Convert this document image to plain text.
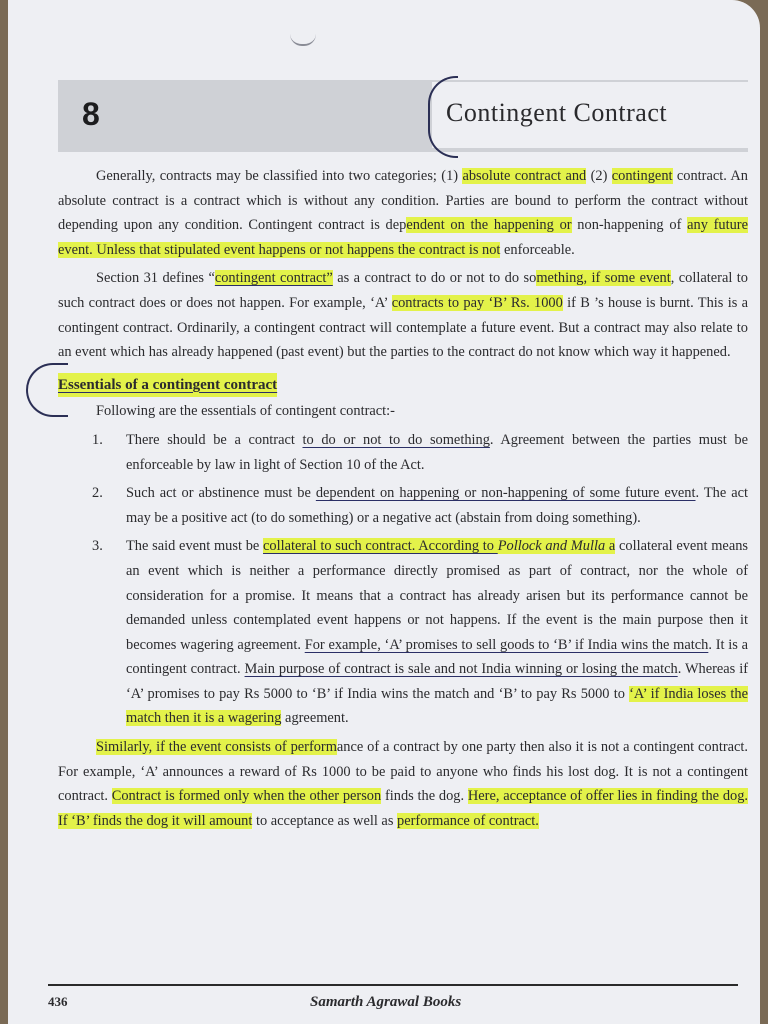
8	Contingent Contract

Generally, contracts may be classified into two categories; (1) absolute contract and (2) contingent contract. An absolute contract is a contract which is without any condition. Parties are bound to perform the contract without depending upon any condition. Contingent contract is dependent on the happening or non-happening of any future event. Unless that stipulated event happens or not happens the contract is not enforceable.

Section 31 defines “contingent contract” as a contract to do or not to do something, if some event, collateral to such contract does or does not happen. For example, ‘A’ contracts to pay ‘B’ Rs. 1000 if B ’s house is burnt. This is a contingent contract. Ordinarily, a contingent contract will contemplate a future event. But a contract may also relate to an event which has already happened (past event) but the parties to the contract do not know which way it happened.

Essentials of a contingent contract

Following are the essentials of contingent contract:-

1. There should be a contract to do or not to do something. Agreement between the parties must be enforceable by law in light of Section 10 of the Act.
2. Such act or abstinence must be dependent on happening or non-happening of some future event. The act may be a positive act (to do something) or a negative act (abstain from doing something).
3. The said event must be collateral to such contract. According to Pollock and Mulla a collateral event means an event which is neither a performance directly promised as part of contract, nor the whole of consideration for a promise. It means that a contract has already arisen but its performance cannot be demanded unless contemplated event happens or not happens. If the event is the main purpose then it becomes wagering agreement. For example, ‘A’ promises to sell goods to ‘B’ if India wins the match. It is a contingent contract. Main purpose of contract is sale and not India winning or losing the match. Whereas if ‘A’ promises to pay Rs 5000 to ‘B’ if India wins the match and ‘B’ to pay Rs 5000 to ‘A’ if India loses the match then it is a wagering agreement.

Similarly, if the event consists of performance of a contract by one party then also it is not a contingent contract. For example, ‘A’ announces a reward of Rs 1000 to be paid to anyone who finds his lost dog. It is not a contingent contract. Contract is formed only when the other person finds the dog. Here, acceptance of offer lies in finding the dog. If ‘B’ finds the dog it will amount to acceptance as well as performance of contract.

436	Samarth Agrawal Books
